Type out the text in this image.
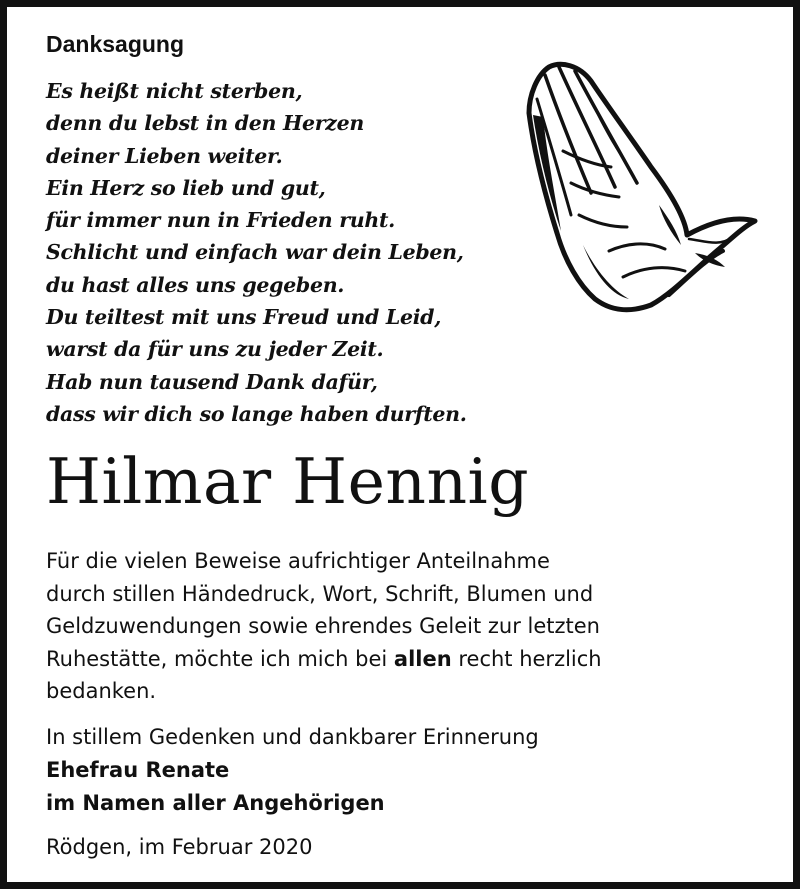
Danksagung

Es heißt nicht sterben,
denn du lebst in den Herzen
deiner Lieben weiter.
Ein Herz so lieb und gut,
für immer nun in Frieden ruht.
Schlicht und einfach war dein Leben,
du hast alles uns gegeben.
Du teiltest mit uns Freud und Leid,
warst da für uns zu jeder Zeit.
Hab nun tausend Dank dafür,
dass wir dich so lange haben durften.

Hilmar Hennig

Für die vielen Beweise aufrichtiger Anteilnahme
durch stillen Händedruck, Wort, Schrift, Blumen und
Geldzuwendungen sowie ehrendes Geleit zur letzten
Ruhestätte, möchte ich mich bei allen recht herzlich
bedanken.

In stillem Gedenken und dankbarer Erinnerung
Ehefrau Renate
im Namen aller Angehörigen
Rödgen, im Februar 2020
